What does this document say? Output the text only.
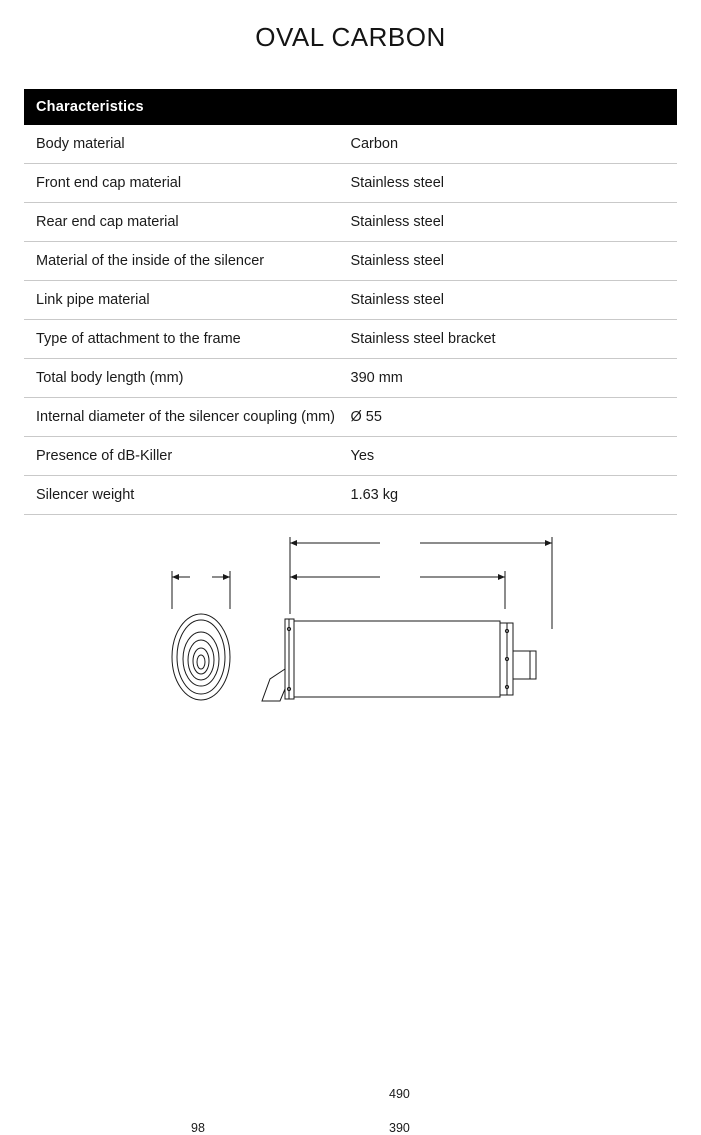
OVAL CARBON
Characteristics	
Body material	Carbon
Front end cap material	Stainless steel
Rear end cap material	Stainless steel
Material of the inside of the silencer	Stainless steel
Link pipe material	Stainless steel
Type of attachment to the frame	Stainless steel bracket
Total body length (mm)	390 mm
Internal diameter of the silencer coupling (mm)	Ø 55
Presence of dB-Killer	Yes
Silencer weight	1.63 kg
490
390
98
